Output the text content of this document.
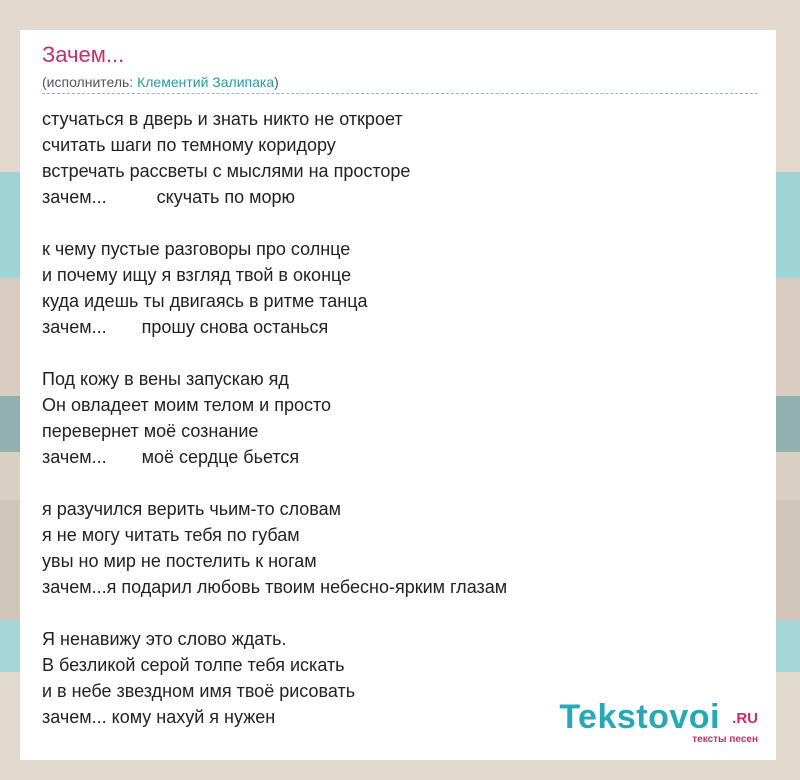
Зачем...
(исполнитель: Клементий Залипака)
стучаться в дверь и знать никто не откроет
считать шаги по темному коридору
встречать рассветы с мыслями на просторе
зачем...          скучать по морю
к чему пустые разговоры про солнце
и почему ищу я взгляд твой в оконце
куда идешь ты двигаясь в ритме танца
зачем...       прошу снова останься
Под кожу в вены запускаю яд
Он овладеет моим телом и просто
перевернет моё сознание
зачем...       моё сердце бьется
я разучился верить чьим-то словам
я не могу читать тебя по губам
увы но мир не постелить к ногам
зачем...я подарил любовь твоим небесно-ярким глазам
Я ненавижу это слово ждать.
В безликой серой толпе тебя искать
и в небе звездном имя твоё рисовать
зачем... кому нахуй я нужен	Tekstovoi .RU
тексты песен
